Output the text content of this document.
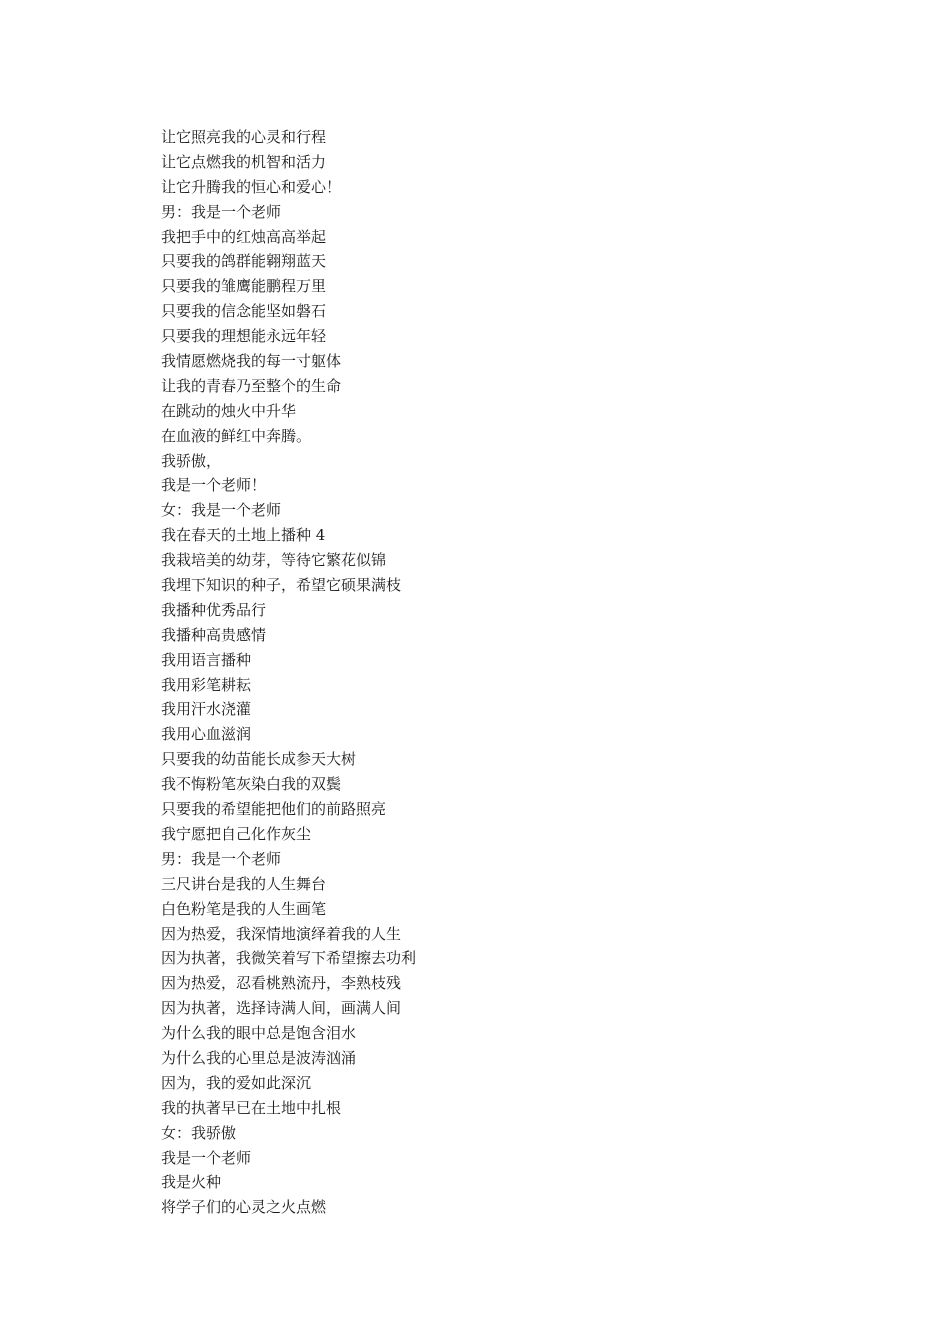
让它照亮我的心灵和行程
让它点燃我的机智和活力
让它升腾我的恒心和爱心！
男：我是一个老师
我把手中的红烛高高举起
只要我的鸽群能翱翔蓝天
只要我的雏鹰能鹏程万里
只要我的信念能坚如磐石
只要我的理想能永远年轻
我情愿燃烧我的每一寸躯体
让我的青春乃至整个的生命
在跳动的烛火中升华
在血液的鲜红中奔腾。
我骄傲，
我是一个老师！
女：我是一个老师
我在春天的土地上播种 4
我栽培美的幼芽，等待它繁花似锦
我埋下知识的种子，希望它硕果满枝
我播种优秀品行
我播种高贵感情
我用语言播种
我用彩笔耕耘
我用汗水浇灌
我用心血滋润
只要我的幼苗能长成参天大树
我不悔粉笔灰染白我的双鬓
只要我的希望能把他们的前路照亮
我宁愿把自己化作灰尘
男：我是一个老师
三尺讲台是我的人生舞台
白色粉笔是我的人生画笔
因为热爱，我深情地演绎着我的人生
因为执著，我微笑着写下希望擦去功利
因为热爱，忍看桃熟流丹，李熟枝残
因为执著，选择诗满人间，画满人间
为什么我的眼中总是饱含泪水
为什么我的心里总是波涛汹涌
因为，我的爱如此深沉
我的执著早已在土地中扎根
女：我骄傲
我是一个老师
我是火种
将学子们的心灵之火点燃
